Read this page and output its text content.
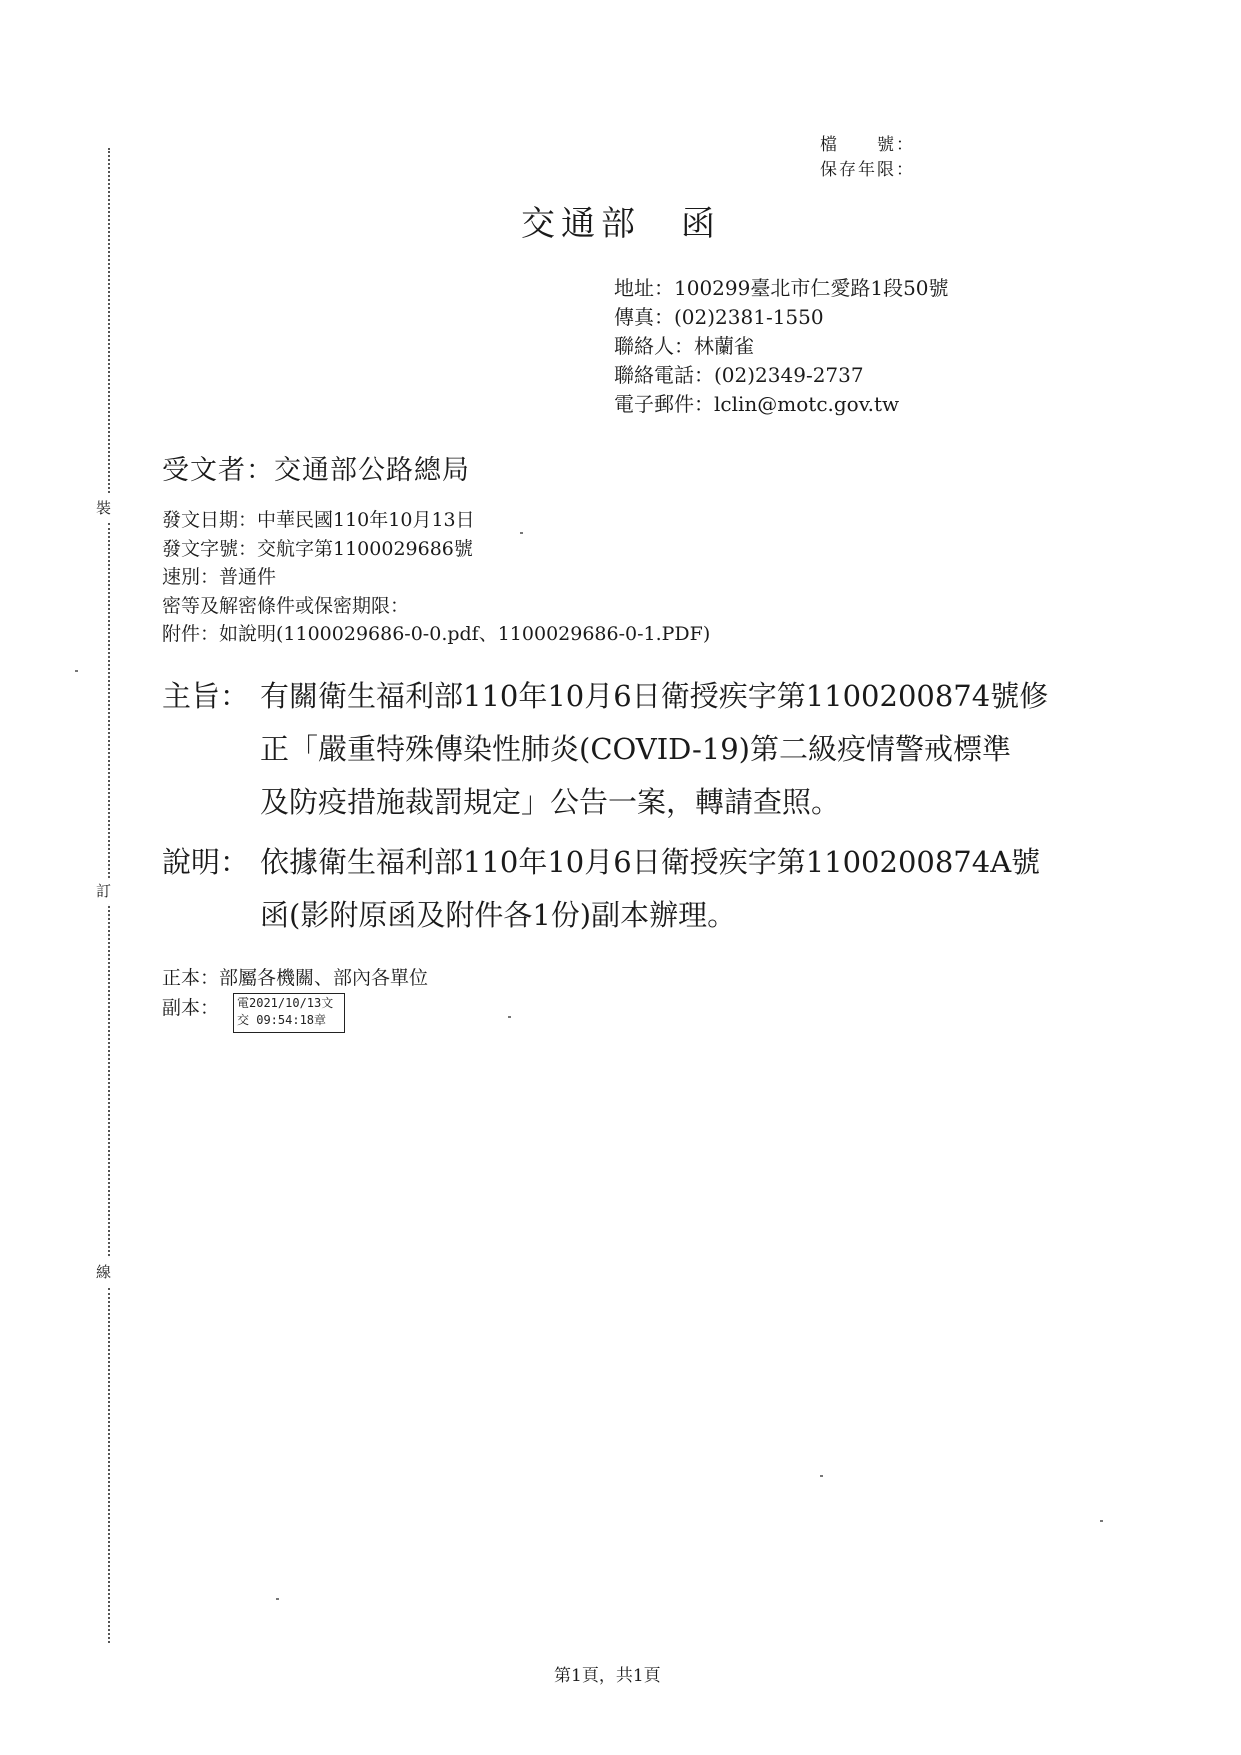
裝
訂
線
檔　　號：
保存年限：
交通部　函
地址：100299臺北市仁愛路1段50號
傳真：(02)2381-1550
聯絡人：林蘭雀
聯絡電話：(02)2349-2737
電子郵件：lclin@motc.gov.tw
受文者：交通部公路總局
發文日期：中華民國110年10月13日
發文字號：交航字第1100029686號
速別：普通件
密等及解密條件或保密期限：
附件：如說明(1100029686-0-0.pdf、1100029686-0-1.PDF)
主旨： 有關衛生福利部110年10月6日衛授疾字第1100200874號修
正「嚴重特殊傳染性肺炎(COVID-19)第二級疫情警戒標準
及防疫措施裁罰規定」公告一案，轉請查照。
說明： 依據衛生福利部110年10月6日衛授疾字第1100200874A號
函(影附原函及附件各1份)副本辦理。
正本：部屬各機關、部內各單位
副本： 電2021/10/13文
交 09:54:18章
第1頁，共1頁
